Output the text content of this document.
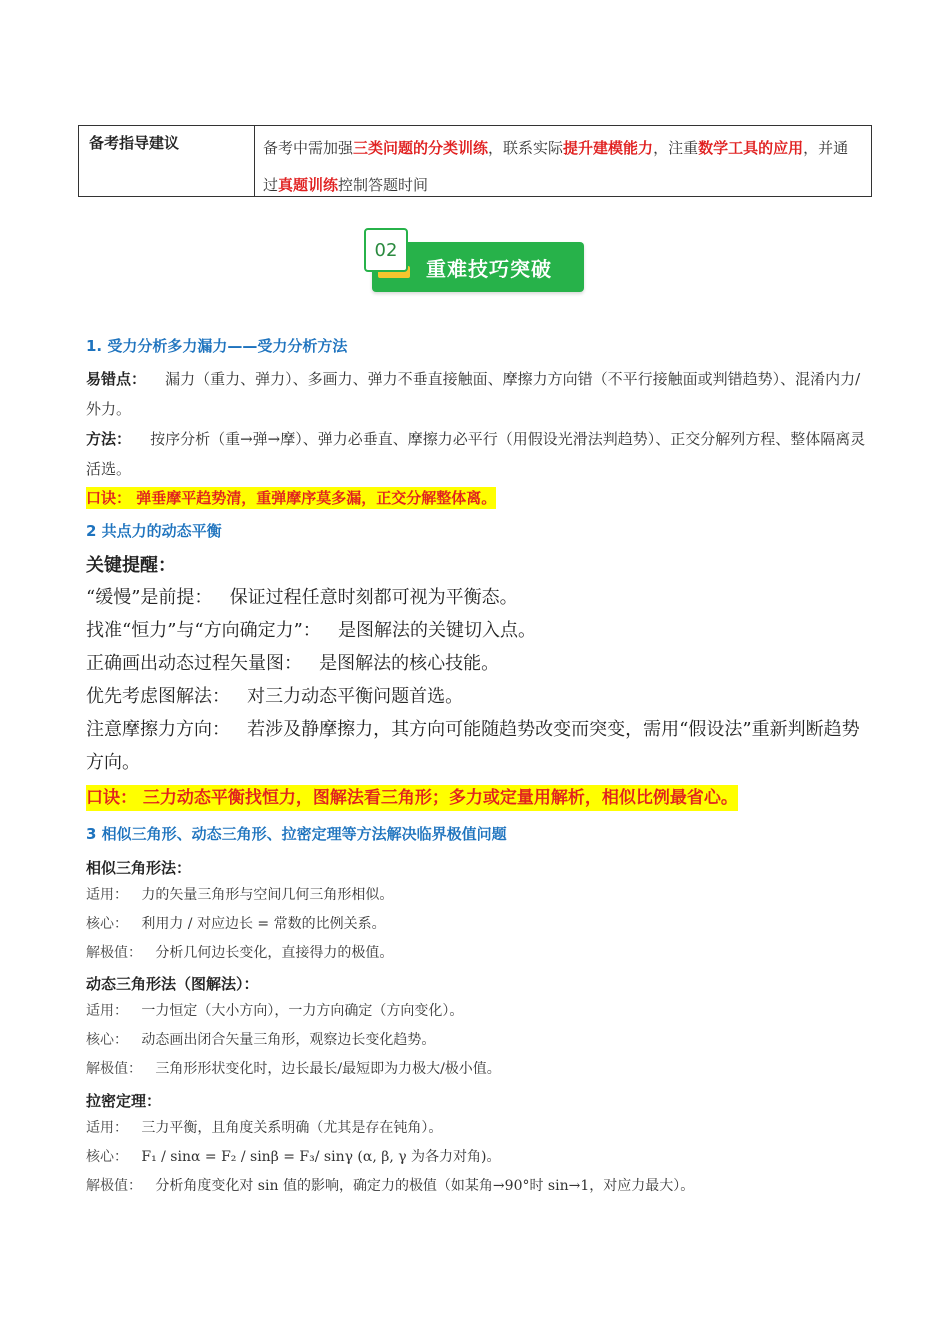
备考指导建议	备考中需加强三类问题的分类训练，联系实际提升建模能力，注重数学工具的应用，并通过真题训练控制答题时间
02
重难技巧突破
1. 受力分析多力漏力——受力分析方法
易错点： 漏力（重力、弹力）、多画力、弹力不垂直接触面、摩擦力方向错（不平行接触面或判错趋势）、混淆内力/外力。
方法： 按序分析（重→弹→摩）、弹力必垂直、摩擦力必平行（用假设光滑法判趋势）、正交分解列方程、整体隔离灵活选。
口诀： 弹垂摩平趋势清，重弹摩序莫多漏，正交分解整体离。
2 共点力的动态平衡
关键提醒：
“缓慢”是前提： 保证过程任意时刻都可视为平衡态。
找准“恒力”与“方向确定力”： 是图解法的关键切入点。
正确画出动态过程矢量图： 是图解法的核心技能。
优先考虑图解法： 对三力动态平衡问题首选。
注意摩擦力方向： 若涉及静摩擦力，其方向可能随趋势改变而突变，需用“假设法”重新判断趋势方向。
口诀： 三力动态平衡找恒力，图解法看三角形；多力或定量用解析，相似比例最省心。
3 相似三角形、动态三角形、拉密定理等方法解决临界极值问题
相似三角形法：
适用： 力的矢量三角形与空间几何三角形相似。
核心： 利用力 / 对应边长 = 常数的比例关系。
解极值： 分析几何边长变化，直接得力的极值。
动态三角形法（图解法）：
适用： 一力恒定（大小方向），一力方向确定（方向变化）。
核心： 动态画出闭合矢量三角形，观察边长变化趋势。
解极值： 三角形形状变化时，边长最长/最短即为力极大/极小值。
拉密定理：
适用： 三力平衡，且角度关系明确（尤其是存在钝角）。
核心： F₁ / sinα = F₂ / sinβ = F₃/ sinγ (α, β, γ 为各力对角)。
解极值： 分析角度变化对 sin 值的影响，确定力的极值（如某角→90°时 sin→1，对应力最大）。
